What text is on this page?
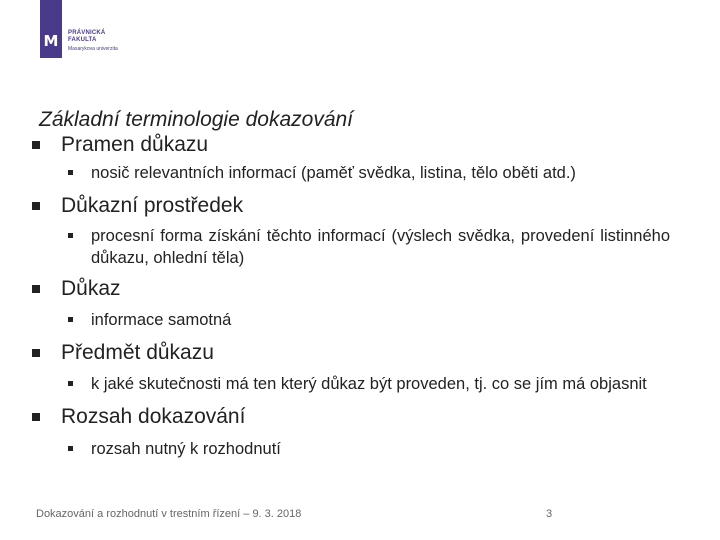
M	PRÁVNICKÁ
FAKULTA
Masarykova univerzita
Základní terminologie dokazování
Pramen důkazu
nosič relevantních informací (paměť svědka, listina, tělo oběti atd.)
Důkazní prostředek
procesní forma získání těchto informací (výslech svědka, provedení listinného důkazu, ohlední těla)
Důkaz
informace samotná
Předmět důkazu
k jaké skutečnosti má ten který důkaz být proveden, tj. co se jím má objasnit
Rozsah dokazování
rozsah nutný k rozhodnutí
Dokazování a rozhodnutí v trestním řízení – 9. 3. 2018	3
